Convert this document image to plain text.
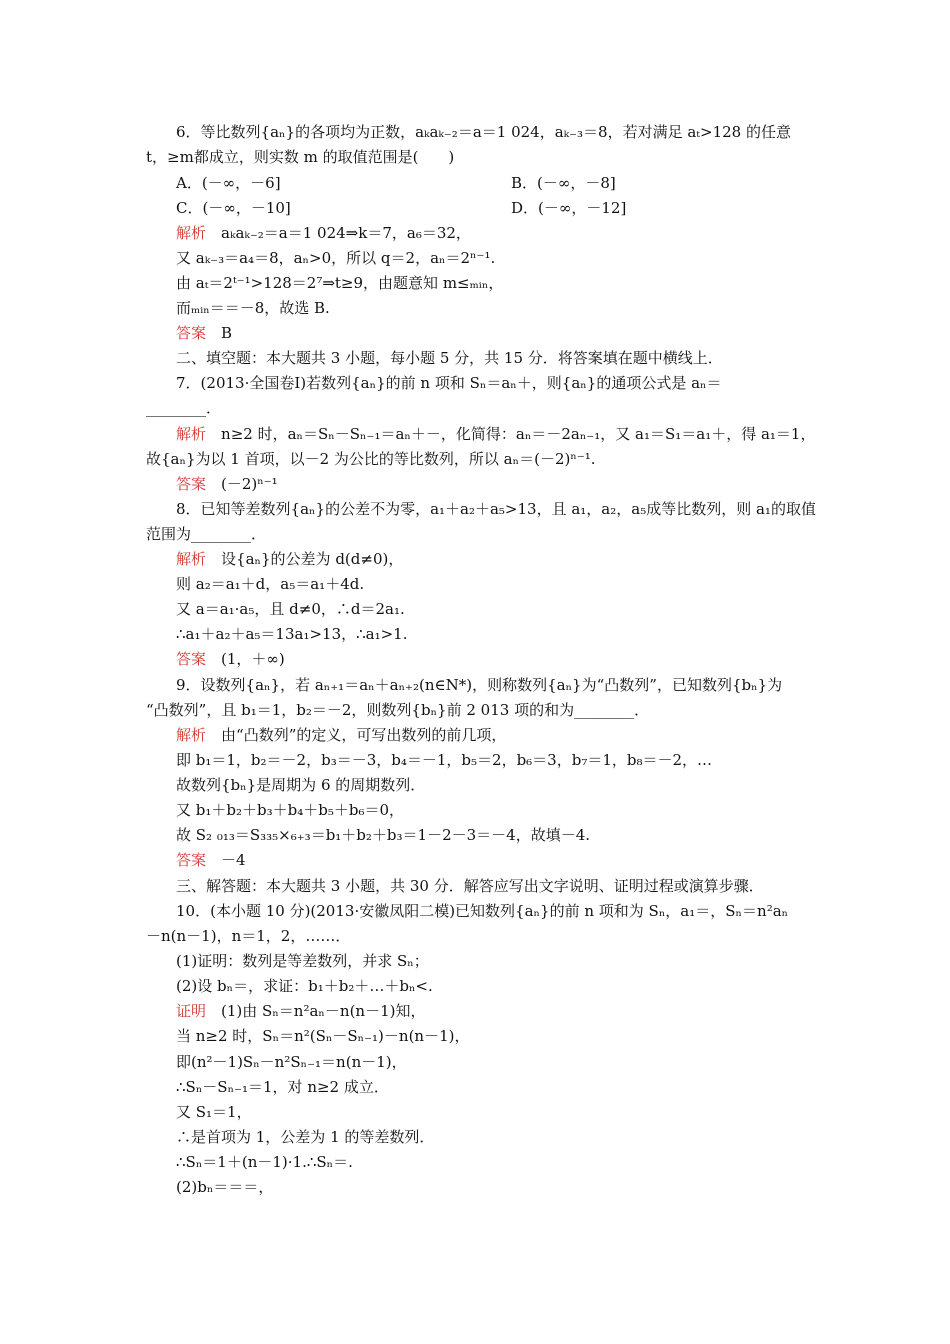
6．等比数列{aₙ}的各项均为正数，aₖaₖ₋₂＝a＝1 024，aₖ₋₃＝8，若对满足 aₜ>128 的任意
t，≥m都成立，则实数 m 的取值范围是(　　)
A．(－∞，－6]	B．(－∞，－8]
C．(－∞，－10]	D．(－∞，－12]
解析　 aₖaₖ₋₂＝a＝1 024⇒k＝7，a₆＝32，
又 aₖ₋₃＝a₄＝8，aₙ>0，所以 q＝2，aₙ＝2ⁿ⁻¹.
由 aₜ＝2ᵗ⁻¹>128＝2⁷⇒t≥9，由题意知 m≤ₘᵢₙ，
而ₘᵢₙ＝＝－8，故选 B.
答案　 B
二、填空题：本大题共 3 小题，每小题 5 分，共 15 分．将答案填在题中横线上．
7．(2013·全国卷Ⅰ)若数列{aₙ}的前 n 项和 Sₙ＝aₙ＋，则{aₙ}的通项公式是 aₙ＝
________．
解析　 n≥2 时，aₙ＝Sₙ－Sₙ₋₁＝aₙ＋－，化简得：aₙ＝－2aₙ₋₁，又 a₁＝S₁＝a₁＋，得 a₁＝1，
故{aₙ}为以 1 首项，以－2 为公比的等比数列，所以 aₙ＝(－2)ⁿ⁻¹.
答案　 (－2)ⁿ⁻¹
8．已知等差数列{aₙ}的公差不为零，a₁＋a₂＋a₅>13，且 a₁，a₂，a₅成等比数列，则 a₁的取值
范围为________．
解析　 设{aₙ}的公差为 d(d≠0)，
则 a₂＝a₁＋d，a₅＝a₁＋4d.
又 a＝a₁·a₅，且 d≠0，∴d＝2a₁.
∴a₁＋a₂＋a₅＝13a₁>13，∴a₁>1.
答案　 (1，＋∞)
9．设数列{aₙ}，若 aₙ₊₁＝aₙ＋aₙ₊₂(n∈N*)，则称数列{aₙ}为“凸数列”，已知数列{bₙ}为
“凸数列”，且 b₁＝1，b₂＝－2，则数列{bₙ}前 2 013 项的和为________．
解析　 由“凸数列”的定义，可写出数列的前几项，
即 b₁＝1，b₂＝－2，b₃＝－3，b₄＝－1，b₅＝2，b₆＝3，b₇＝1，b₈＝－2，…
故数列{bₙ}是周期为 6 的周期数列．
又 b₁＋b₂＋b₃＋b₄＋b₅＋b₆＝0，
故 S₂ ₀₁₃＝S₃₃₅×₆₊₃＝b₁＋b₂＋b₃＝1－2－3＝－4，故填－4.
答案　 －4
三、解答题：本大题共 3 小题，共 30 分．解答应写出文字说明、证明过程或演算步骤．
10．(本小题 10 分)(2013·安徽凤阳二模)已知数列{aₙ}的前 n 项和为 Sₙ，a₁＝，Sₙ＝n²aₙ
－n(n－1)，n＝1，2，……．
(1)证明：数列是等差数列，并求 Sₙ；
(2)设 bₙ＝，求证：b₁＋b₂＋…＋bₙ<.
证明　 (1)由 Sₙ＝n²aₙ－n(n－1)知，
当 n≥2 时，Sₙ＝n²(Sₙ－Sₙ₋₁)－n(n－1)，
即(n²－1)Sₙ－n²Sₙ₋₁＝n(n－1)，
∴Sₙ－Sₙ₋₁＝1，对 n≥2 成立．
又 S₁＝1，
∴是首项为 1，公差为 1 的等差数列．
∴Sₙ＝1＋(n－1)·1.∴Sₙ＝.
(2)bₙ＝＝＝，
